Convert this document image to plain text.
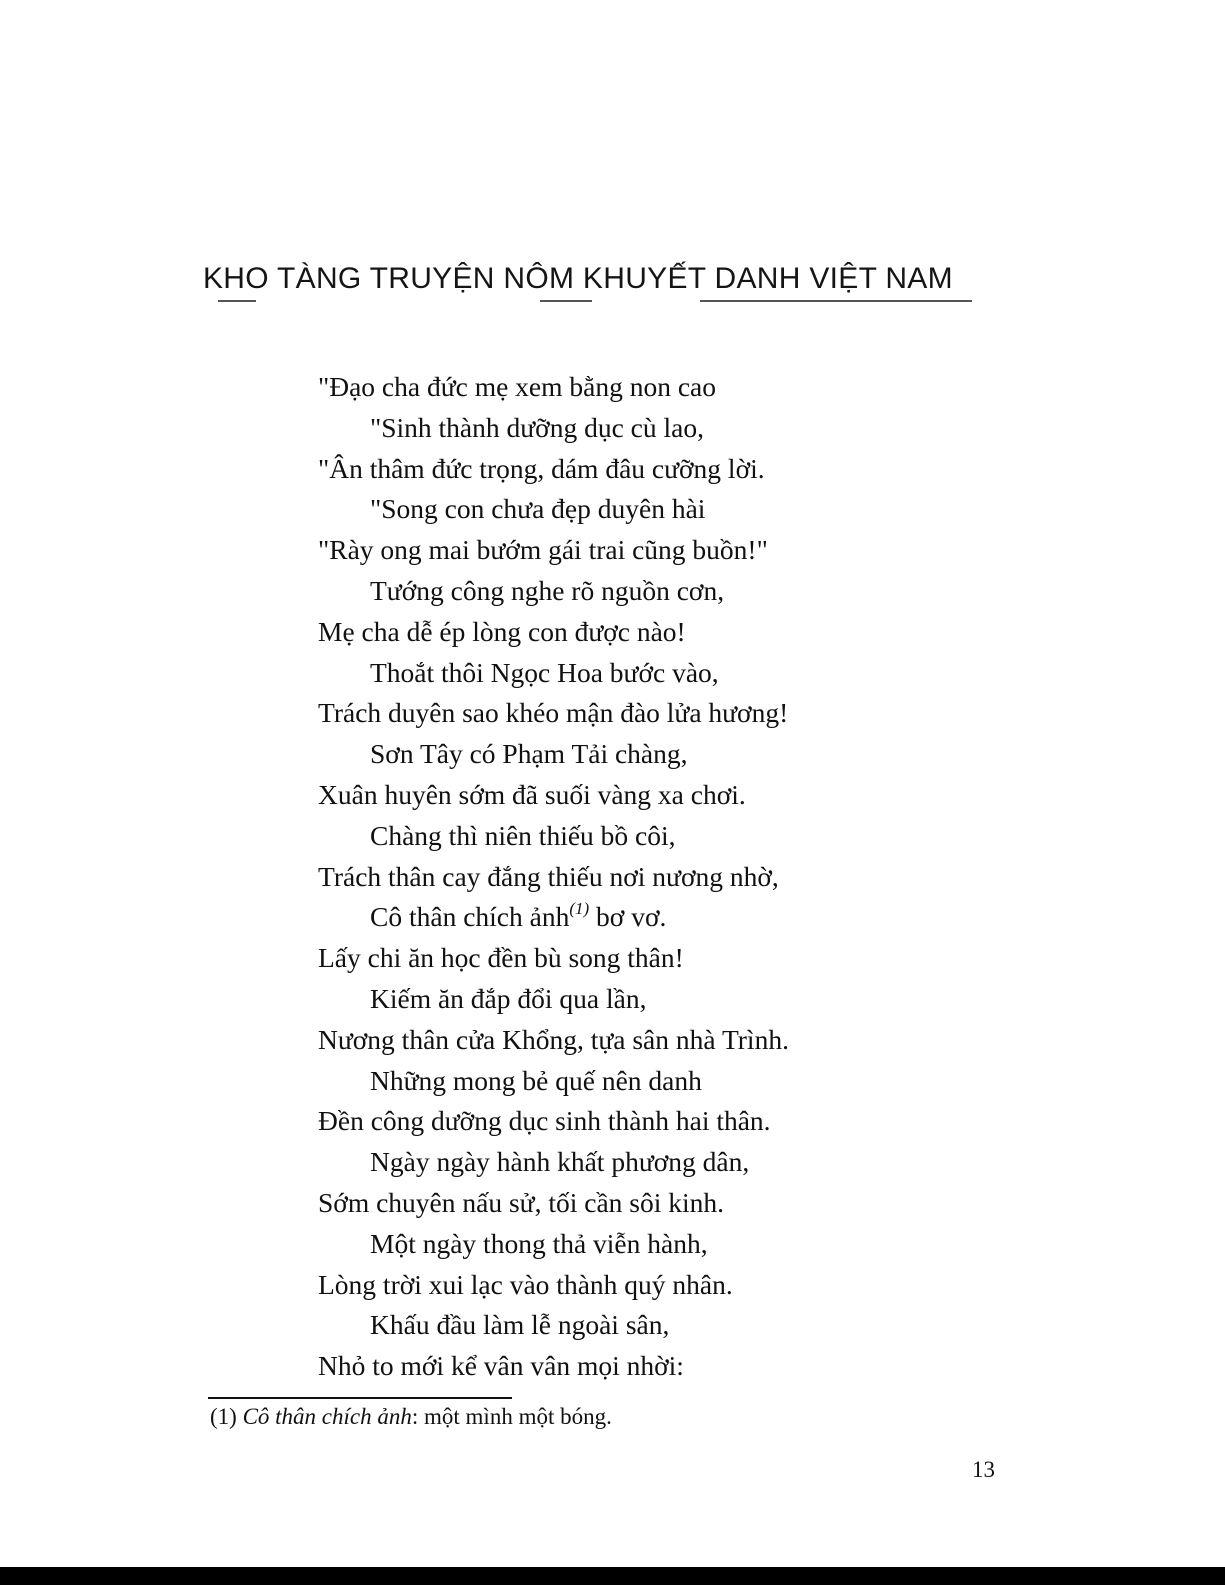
KHO TÀNG TRUYỆN NÔM KHUYẾT DANH VIỆT NAM
"Đạo cha đức mẹ xem bằng non cao
"Sinh thành dưỡng dục cù lao,
"Ân thâm đức trọng, dám đâu cưỡng lời.
"Song con chưa đẹp duyên hài
"Rày ong mai bướm gái trai cũng buồn!"
Tướng công nghe rõ nguồn cơn,
Mẹ cha dễ ép lòng con được nào!
Thoắt thôi Ngọc Hoa bước vào,
Trách duyên sao khéo mận đào lửa hương!
Sơn Tây có Phạm Tải chàng,
Xuân huyên sớm đã suối vàng xa chơi.
Chàng thì niên thiếu bồ côi,
Trách thân cay đắng thiếu nơi nương nhờ,
Cô thân chích ảnh$^{(1)}$ bơ vơ.
Lấy chi ăn học đền bù song thân!
Kiếm ăn đắp đổi qua lần,
Nương thân cửa Khổng, tựa sân nhà Trình.
Những mong bẻ quế nên danh
Đền công dưỡng dục sinh thành hai thân.
Ngày ngày hành khất phương dân,
Sớm chuyên nấu sử, tối cần sôi kinh.
Một ngày thong thả viễn hành,
Lòng trời xui lạc vào thành quý nhân.
Khấu đầu làm lễ ngoài sân,
Nhỏ to mới kể vân vân mọi nhời:
(1) Cô thân chích ảnh: một mình một bóng.
13
